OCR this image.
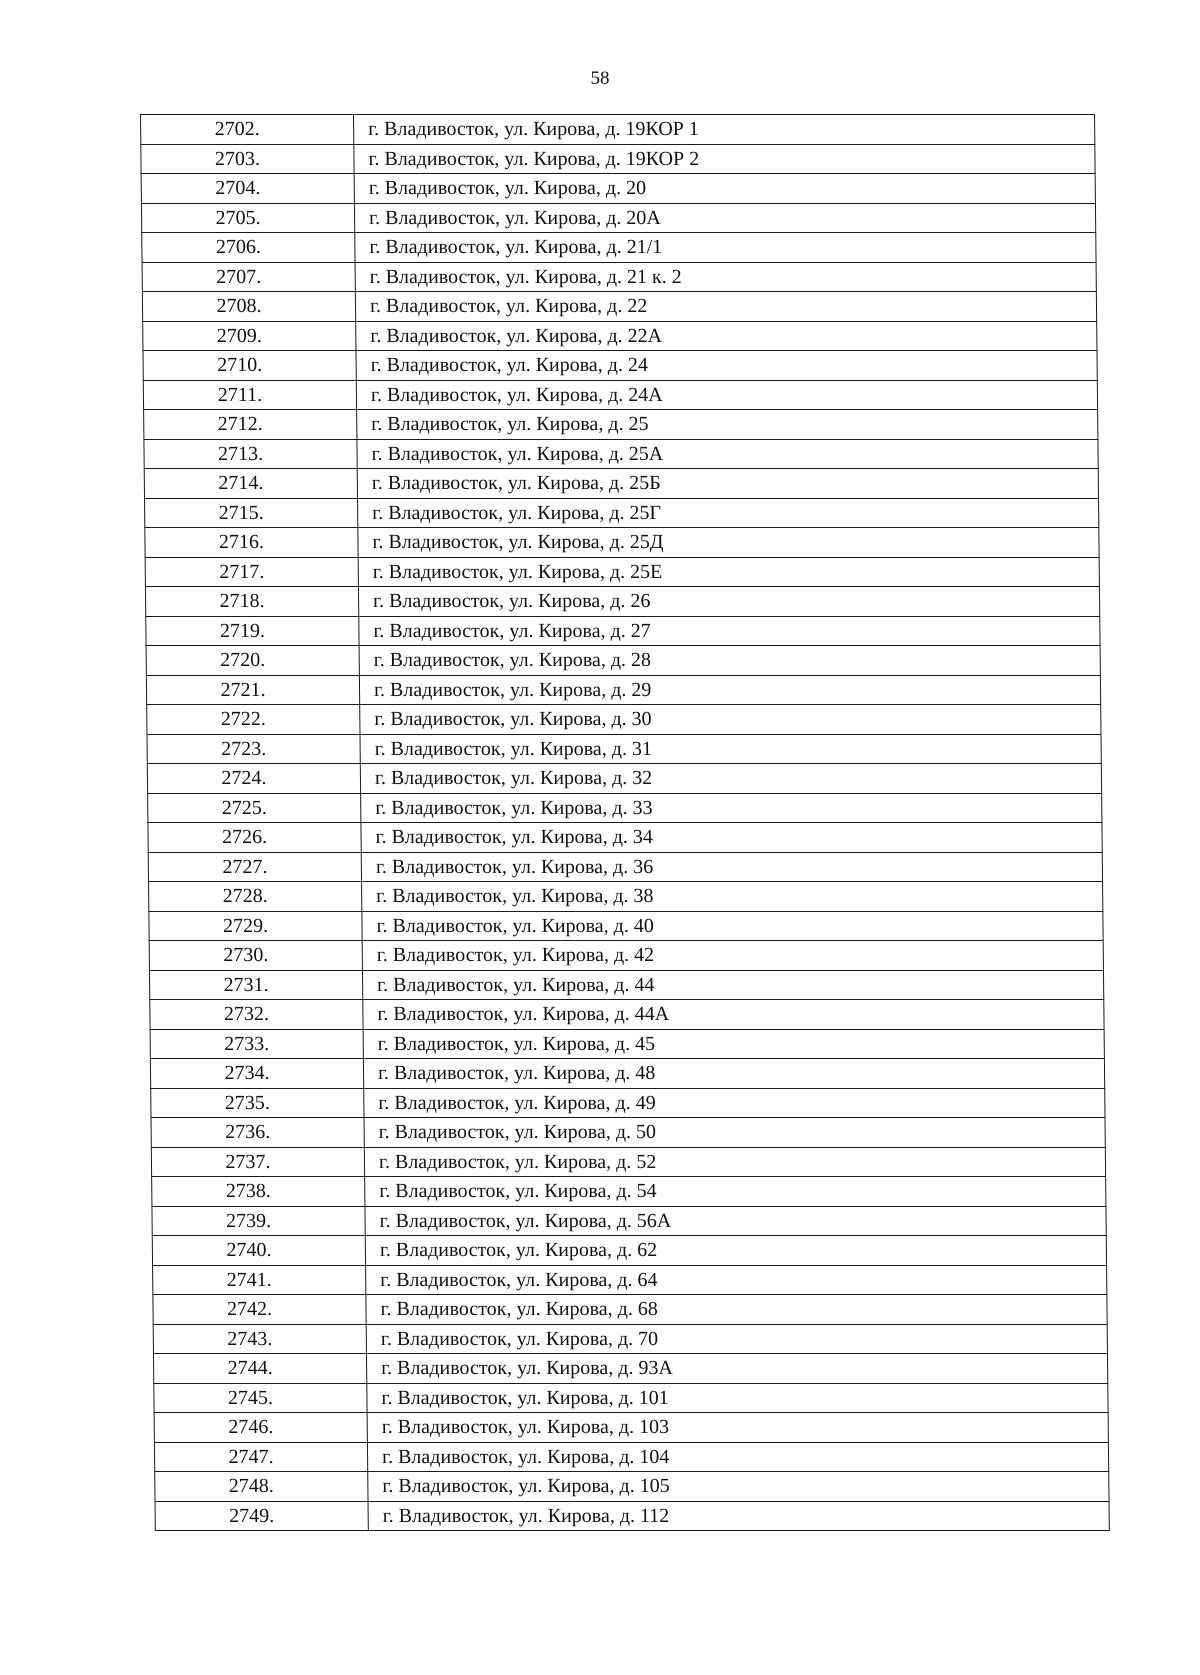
58
2702.	г. Владивосток, ул. Кирова, д. 19КОР 1
2703.	г. Владивосток, ул. Кирова, д. 19КОР 2
2704.	г. Владивосток, ул. Кирова, д. 20
2705.	г. Владивосток, ул. Кирова, д. 20А
2706.	г. Владивосток, ул. Кирова, д. 21/1
2707.	г. Владивосток, ул. Кирова, д. 21 к. 2
2708.	г. Владивосток, ул. Кирова, д. 22
2709.	г. Владивосток, ул. Кирова, д. 22А
2710.	г. Владивосток, ул. Кирова, д. 24
2711.	г. Владивосток, ул. Кирова, д. 24А
2712.	г. Владивосток, ул. Кирова, д. 25
2713.	г. Владивосток, ул. Кирова, д. 25А
2714.	г. Владивосток, ул. Кирова, д. 25Б
2715.	г. Владивосток, ул. Кирова, д. 25Г
2716.	г. Владивосток, ул. Кирова, д. 25Д
2717.	г. Владивосток, ул. Кирова, д. 25Е
2718.	г. Владивосток, ул. Кирова, д. 26
2719.	г. Владивосток, ул. Кирова, д. 27
2720.	г. Владивосток, ул. Кирова, д. 28
2721.	г. Владивосток, ул. Кирова, д. 29
2722.	г. Владивосток, ул. Кирова, д. 30
2723.	г. Владивосток, ул. Кирова, д. 31
2724.	г. Владивосток, ул. Кирова, д. 32
2725.	г. Владивосток, ул. Кирова, д. 33
2726.	г. Владивосток, ул. Кирова, д. 34
2727.	г. Владивосток, ул. Кирова, д. 36
2728.	г. Владивосток, ул. Кирова, д. 38
2729.	г. Владивосток, ул. Кирова, д. 40
2730.	г. Владивосток, ул. Кирова, д. 42
2731.	г. Владивосток, ул. Кирова, д. 44
2732.	г. Владивосток, ул. Кирова, д. 44А
2733.	г. Владивосток, ул. Кирова, д. 45
2734.	г. Владивосток, ул. Кирова, д. 48
2735.	г. Владивосток, ул. Кирова, д. 49
2736.	г. Владивосток, ул. Кирова, д. 50
2737.	г. Владивосток, ул. Кирова, д. 52
2738.	г. Владивосток, ул. Кирова, д. 54
2739.	г. Владивосток, ул. Кирова, д. 56А
2740.	г. Владивосток, ул. Кирова, д. 62
2741.	г. Владивосток, ул. Кирова, д. 64
2742.	г. Владивосток, ул. Кирова, д. 68
2743.	г. Владивосток, ул. Кирова, д. 70
2744.	г. Владивосток, ул. Кирова, д. 93А
2745.	г. Владивосток, ул. Кирова, д. 101
2746.	г. Владивосток, ул. Кирова, д. 103
2747.	г. Владивосток, ул. Кирова, д. 104
2748.	г. Владивосток, ул. Кирова, д. 105
2749.	г. Владивосток, ул. Кирова, д. 112
